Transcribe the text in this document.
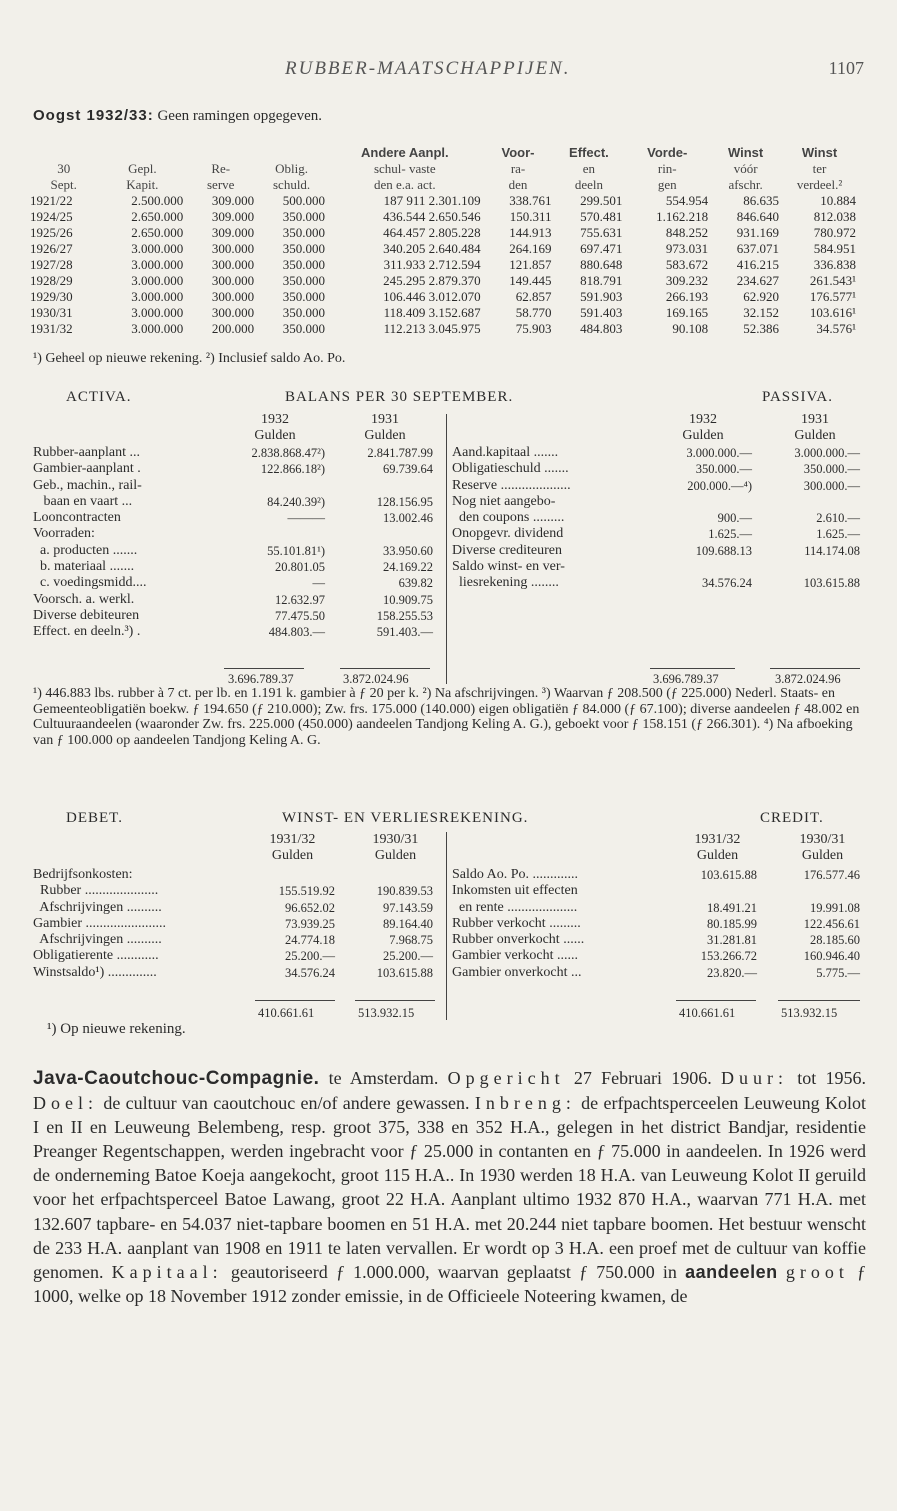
RUBBER-MAATSCHAPPIJEN.	1107
Oogst 1932/33: Geen ramingen opgegeven.
				Andere Aanpl.	Voor-	Effect.	Vorde-	Winst	Winst
30	Gepl.	Re-	Oblig.	schul- vaste	ra-	en	rin-	vóór	ter
Sept.	Kapit.	serve	schuld.	den e.a. act.	den	deeln	gen	afschr.	verdeel.²
1921/22	2.500.000	309.000	500.000	187 911 2.301.109	338.761	299.501	554.954	86.635	10.884
1924/25	2.650.000	309.000	350.000	436.544 2.650.546	150.311	570.481	1.162.218	846.640	812.038
1925/26	2.650.000	309.000	350.000	464.457 2.805.228	144.913	755.631	848.252	931.169	780.972
1926/27	3.000.000	300.000	350.000	340.205 2.640.484	264.169	697.471	973.031	637.071	584.951
1927/28	3.000.000	300.000	350.000	311.933 2.712.594	121.857	880.648	583.672	416.215	336.838
1928/29	3.000.000	300.000	350.000	245.295 2.879.370	149.445	818.791	309.232	234.627	261.543¹
1929/30	3.000.000	300.000	350.000	106.446 3.012.070	62.857	591.903	266.193	62.920	176.577¹
1930/31	3.000.000	300.000	350.000	118.409 3.152.687	58.770	591.403	169.165	32.152	103.616¹
1931/32	3.000.000	200.000	350.000	112.213 3.045.975	75.903	484.803	90.108	52.386	34.576¹
¹) Geheel op nieuwe rekening. ²) Inclusief saldo Ao. Po.
ACTIVA.	BALANS PER 30 SEPTEMBER.	PASSIVA.
1932
Gulden
1931
Gulden
1932
Gulden
1931
Gulden
Rubber-aanplant ...	2.838.868.47²)	2.841.787.99
Gambier-aanplant .	122.866.18²)	69.739.64
Geb., machin., rail-
baan en vaart ...	84.240.39²)	128.156.95
Looncontracten	———	13.002.46
Voorraden:
a. producten .......	55.101.81¹)	33.950.60
b. materiaal .......	20.801.05	24.169.22
c. voedingsmidd....	—	639.82
Voorsch. a. werkl.	12.632.97	10.909.75
Diverse debiteuren	77.475.50	158.255.53
Effect. en deeln.³) .	484.803.—	591.403.—
Aand.kapitaal .......	3.000.000.—	3.000.000.—
Obligatieschuld .......	350.000.—	350.000.—
Reserve ....................	200.000.—⁴)	300.000.—
Nog niet aangebo-
den coupons .........	900.—	2.610.—
Onopgevr. dividend	1.625.—	1.625.—
Diverse crediteuren	109.688.13	114.174.08
Saldo winst- en ver-
liesrekening ........	34.576.24	103.615.88
3.696.789.37	3.872.024.96	3.696.789.37	3.872.024.96
¹) 446.883 lbs. rubber à 7 ct. per lb. en 1.191 k. gambier à ƒ 20 per k. ²) Na afschrijvingen. ³) Waarvan ƒ 208.500 (ƒ 225.000) Nederl. Staats- en Gemeenteobligatiën boekw. ƒ 194.650 (ƒ 210.000); Zw. frs. 175.000 (140.000) eigen obligatiën ƒ 84.000 (ƒ 67.100); diverse aandeelen ƒ 48.002 en Cultuuraandeelen (waaronder Zw. frs. 225.000 (450.000) aandeelen Tandjong Keling A. G.), geboekt voor ƒ 158.151 (ƒ 266.301). ⁴) Na afboeking van ƒ 100.000 op aandeelen Tandjong Keling A. G.
DEBET.	WINST- EN VERLIESREKENING.	CREDIT.
1931/32
Gulden
1930/31
Gulden
1931/32
Gulden
1930/31
Gulden
Bedrijfsonkosten:
Rubber .....................	155.519.92	190.839.53
Afschrijvingen ..........	96.652.02	97.143.59
Gambier .......................	73.939.25	89.164.40
Afschrijvingen ..........	24.774.18	7.968.75
Obligatierente ............	25.200.—	25.200.—
Winstsaldo¹) ..............	34.576.24	103.615.88
Saldo Ao. Po. .............	103.615.88	176.577.46
Inkomsten uit effecten
en rente ....................	18.491.21	19.991.08
Rubber verkocht .........	80.185.99	122.456.61
Rubber onverkocht ......	31.281.81	28.185.60
Gambier verkocht ......	153.266.72	160.946.40
Gambier onverkocht ...	23.820.—	5.775.—
410.661.61	513.932.15	410.661.61	513.932.15
¹) Op nieuwe rekening.

Java-Caoutchouc-Compagnie. te Amsterdam. Opgericht 27 Februari 1906. Duur: tot 1956. Doel: de cultuur van caoutchouc en/of andere gewassen. Inbreng: de erfpachtsperceelen Leuweung Kolot I en II en Leuweung Belembeng, resp. groot 375, 338 en 352 H.A., gelegen in het district Bandjar, residentie Preanger Regentschappen, werden ingebracht voor ƒ 25.000 in contanten en ƒ 75.000 in aandeelen. In 1926 werd de onderneming Batoe Koeja aangekocht, groot 115 H.A.. In 1930 werden 18 H.A. van Leuweung Kolot II geruild voor het erfpachtsperceel Batoe Lawang, groot 22 H.A. Aanplant ultimo 1932 870 H.A., waarvan 771 H.A. met 132.607 tapbare- en 54.037 niet-tapbare boomen en 51 H.A. met 20.244 niet tapbare boomen. Het bestuur wenscht de 233 H.A. aanplant van 1908 en 1911 te laten vervallen. Er wordt op 3 H.A. een proef met de cultuur van koffie genomen. Kapitaal: geautoriseerd ƒ 1.000.000, waarvan geplaatst ƒ 750.000 in aandeelen groot ƒ 1000, welke op 18 November 1912 zonder emissie, in de Officieele Noteering kwamen, de
